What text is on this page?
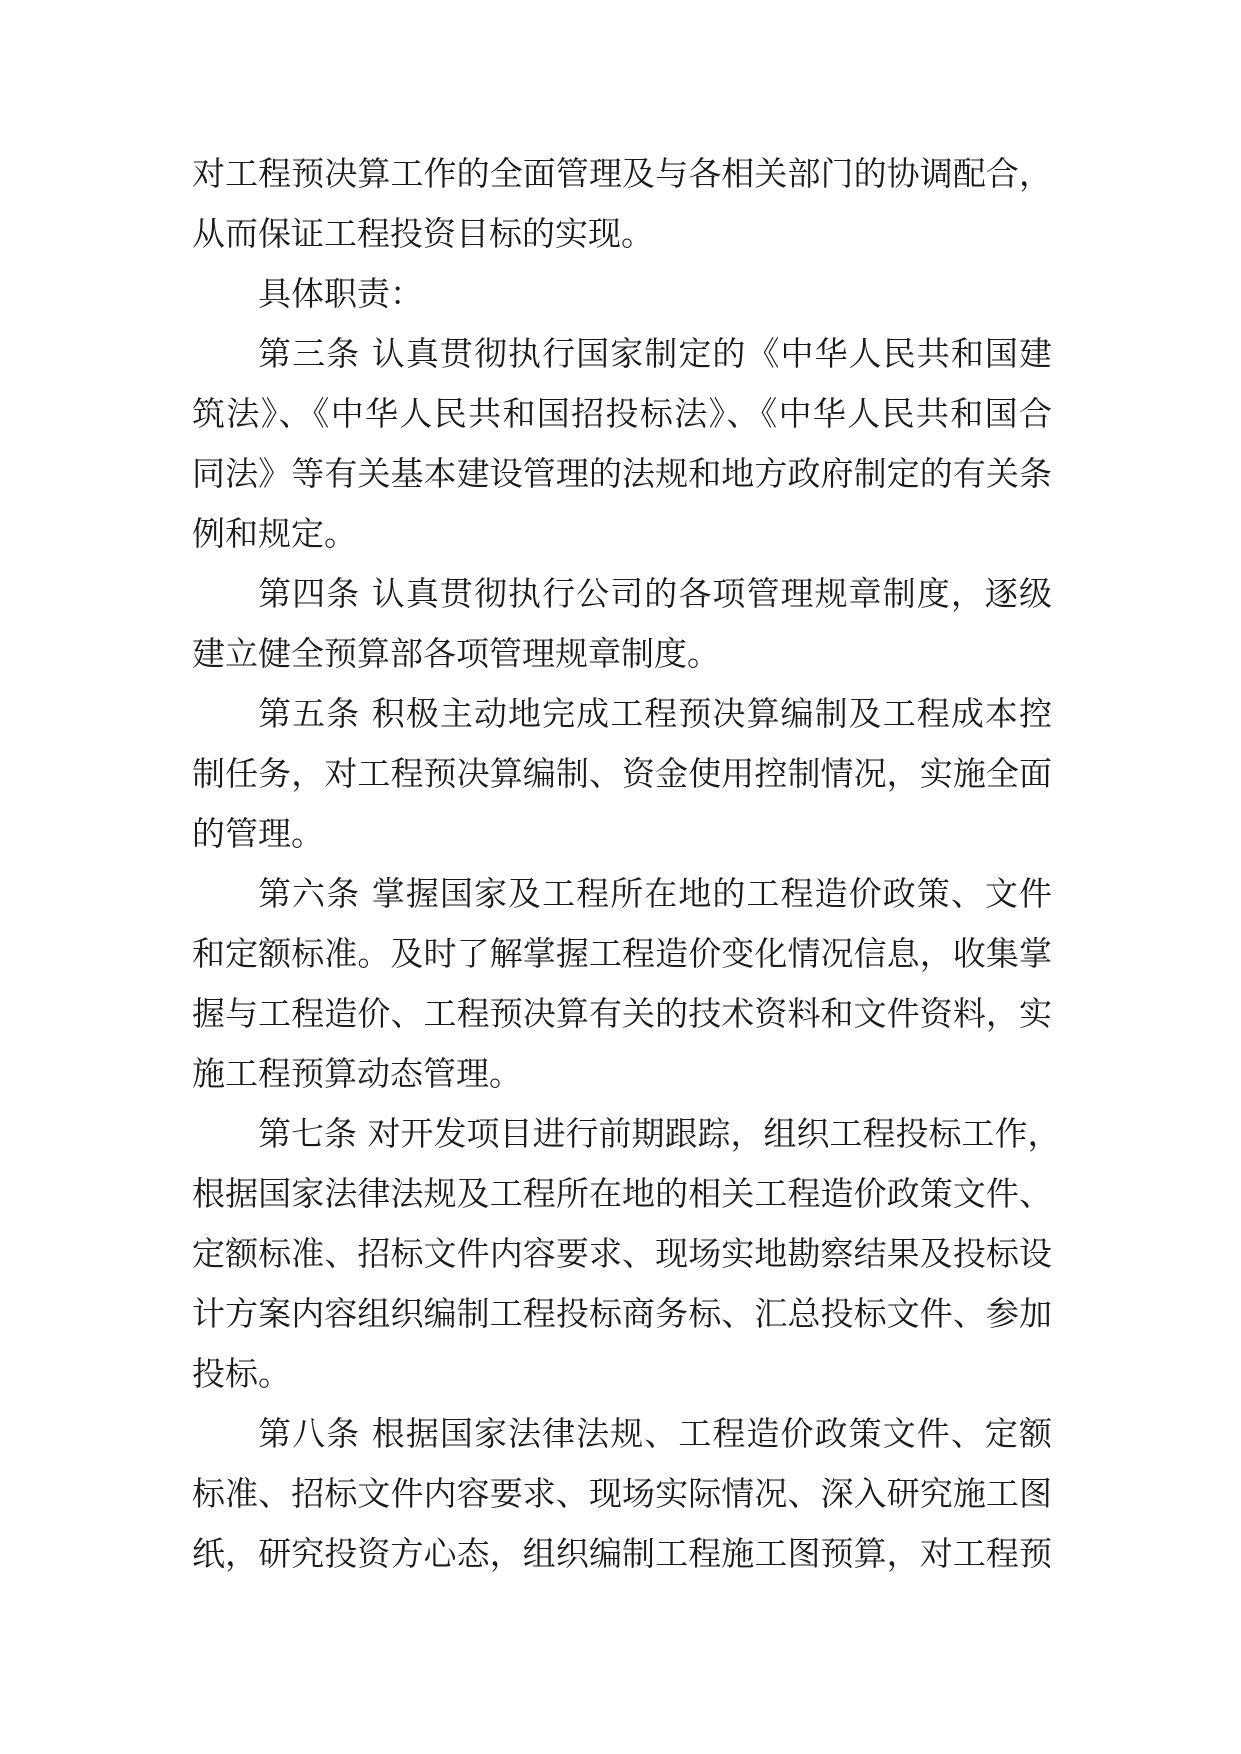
对工程预决算工作的全面管理及与各相关部门的协调配合，
从而保证工程投资目标的实现。
具体职责：
第三条 认真贯彻执行国家制定的《中华人民共和国建
筑法》、《中华人民共和国招投标法》、《中华人民共和国合
同法》等有关基本建设管理的法规和地方政府制定的有关条
例和规定。
第四条 认真贯彻执行公司的各项管理规章制度，逐级
建立健全预算部各项管理规章制度。
第五条 积极主动地完成工程预决算编制及工程成本控
制任务，对工程预决算编制、资金使用控制情况，实施全面
的管理。
第六条 掌握国家及工程所在地的工程造价政策、文件
和定额标准。及时了解掌握工程造价变化情况信息，收集掌
握与工程造价、工程预决算有关的技术资料和文件资料，实
施工程预算动态管理。
第七条 对开发项目进行前期跟踪，组织工程投标工作，
根据国家法律法规及工程所在地的相关工程造价政策文件、
定额标准、招标文件内容要求、现场实地勘察结果及投标设
计方案内容组织编制工程投标商务标、汇总投标文件、参加
投标。
第八条 根据国家法律法规、工程造价政策文件、定额
标准、招标文件内容要求、现场实际情况、深入研究施工图
纸，研究投资方心态，组织编制工程施工图预算，对工程预
